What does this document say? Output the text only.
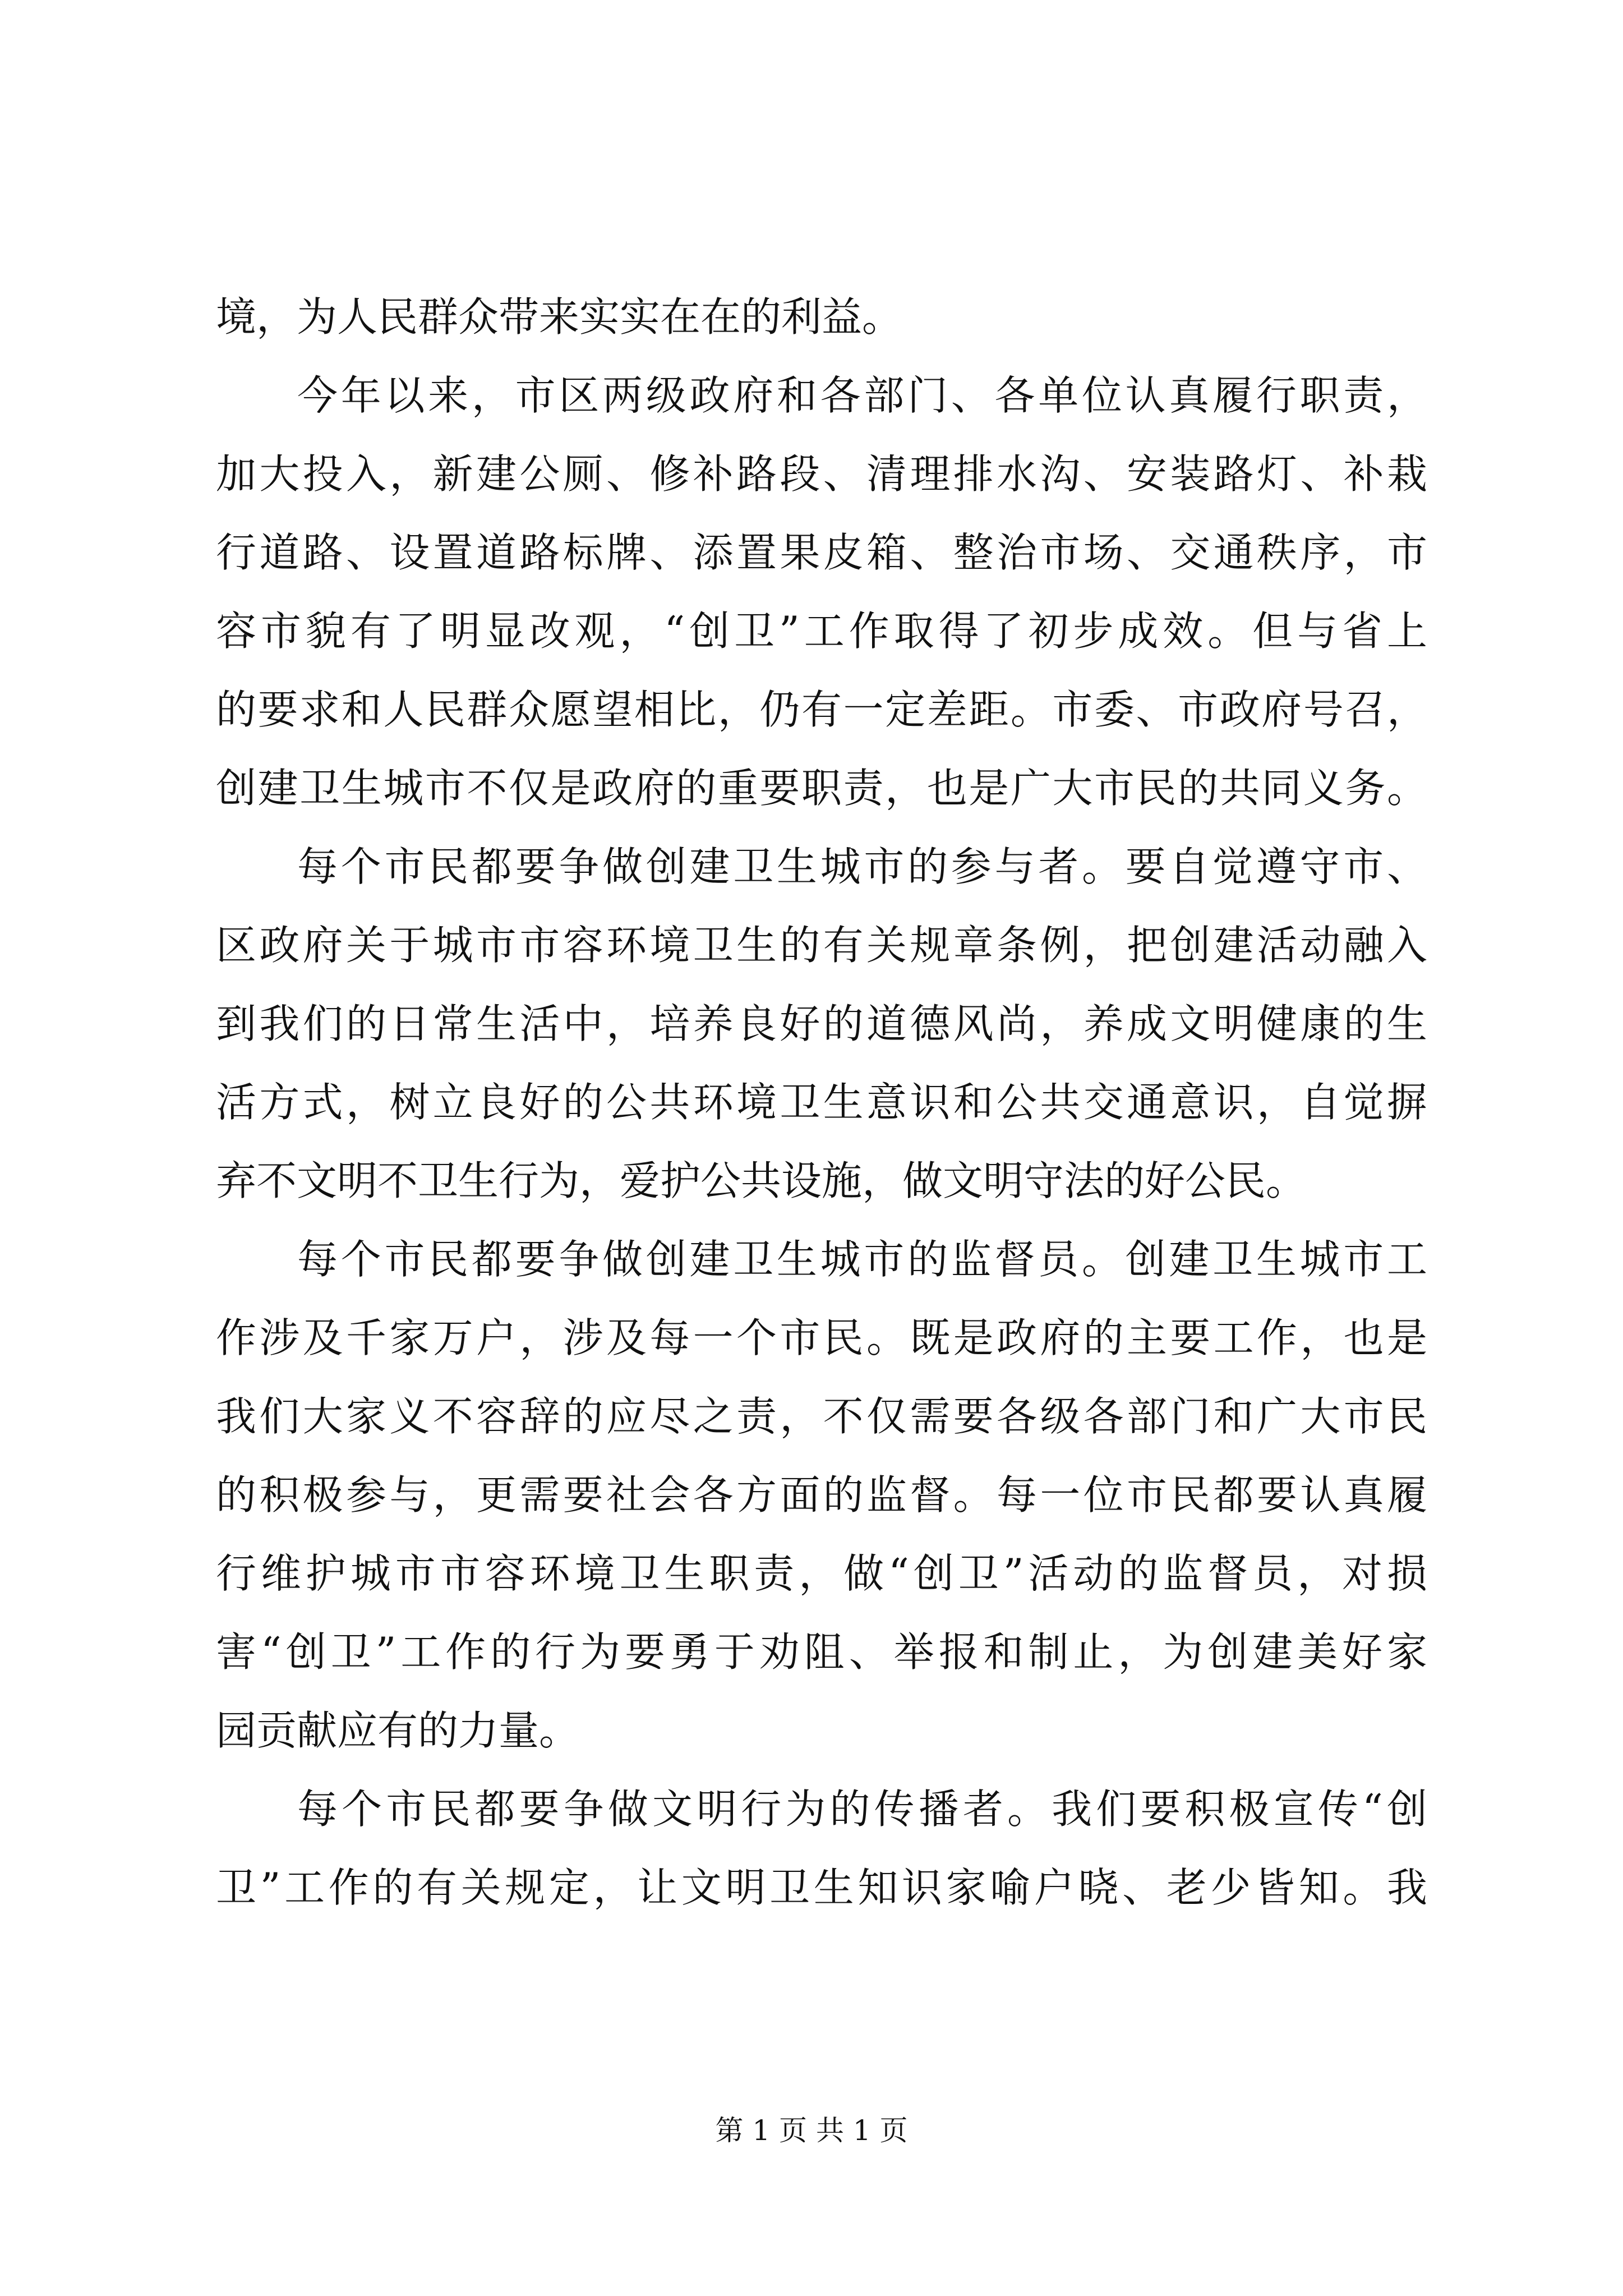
境，为人民群众带来实实在在的利益。
今年以来，市区两级政府和各部门、各单位认真履行职责，
加大投入，新建公厕、修补路段、清理排水沟、安装路灯、补栽
行道路、设置道路标牌、添置果皮箱、整治市场、交通秩序，市
容市貌有了明显改观，“创卫”工作取得了初步成效。但与省上
的要求和人民群众愿望相比，仍有一定差距。市委、市政府号召，
创建卫生城市不仅是政府的重要职责，也是广大市民的共同义务。
每个市民都要争做创建卫生城市的参与者。要自觉遵守市、
区政府关于城市市容环境卫生的有关规章条例，把创建活动融入
到我们的日常生活中，培养良好的道德风尚，养成文明健康的生
活方式，树立良好的公共环境卫生意识和公共交通意识，自觉摒
弃不文明不卫生行为，爱护公共设施，做文明守法的好公民。
每个市民都要争做创建卫生城市的监督员。创建卫生城市工
作涉及千家万户，涉及每一个市民。既是政府的主要工作，也是
我们大家义不容辞的应尽之责，不仅需要各级各部门和广大市民
的积极参与，更需要社会各方面的监督。每一位市民都要认真履
行维护城市市容环境卫生职责，做“创卫”活动的监督员，对损
害“创卫”工作的行为要勇于劝阻、举报和制止，为创建美好家
园贡献应有的力量。
每个市民都要争做文明行为的传播者。我们要积极宣传“创
卫”工作的有关规定，让文明卫生知识家喻户晓、老少皆知。我
第 1 页 共 1 页
